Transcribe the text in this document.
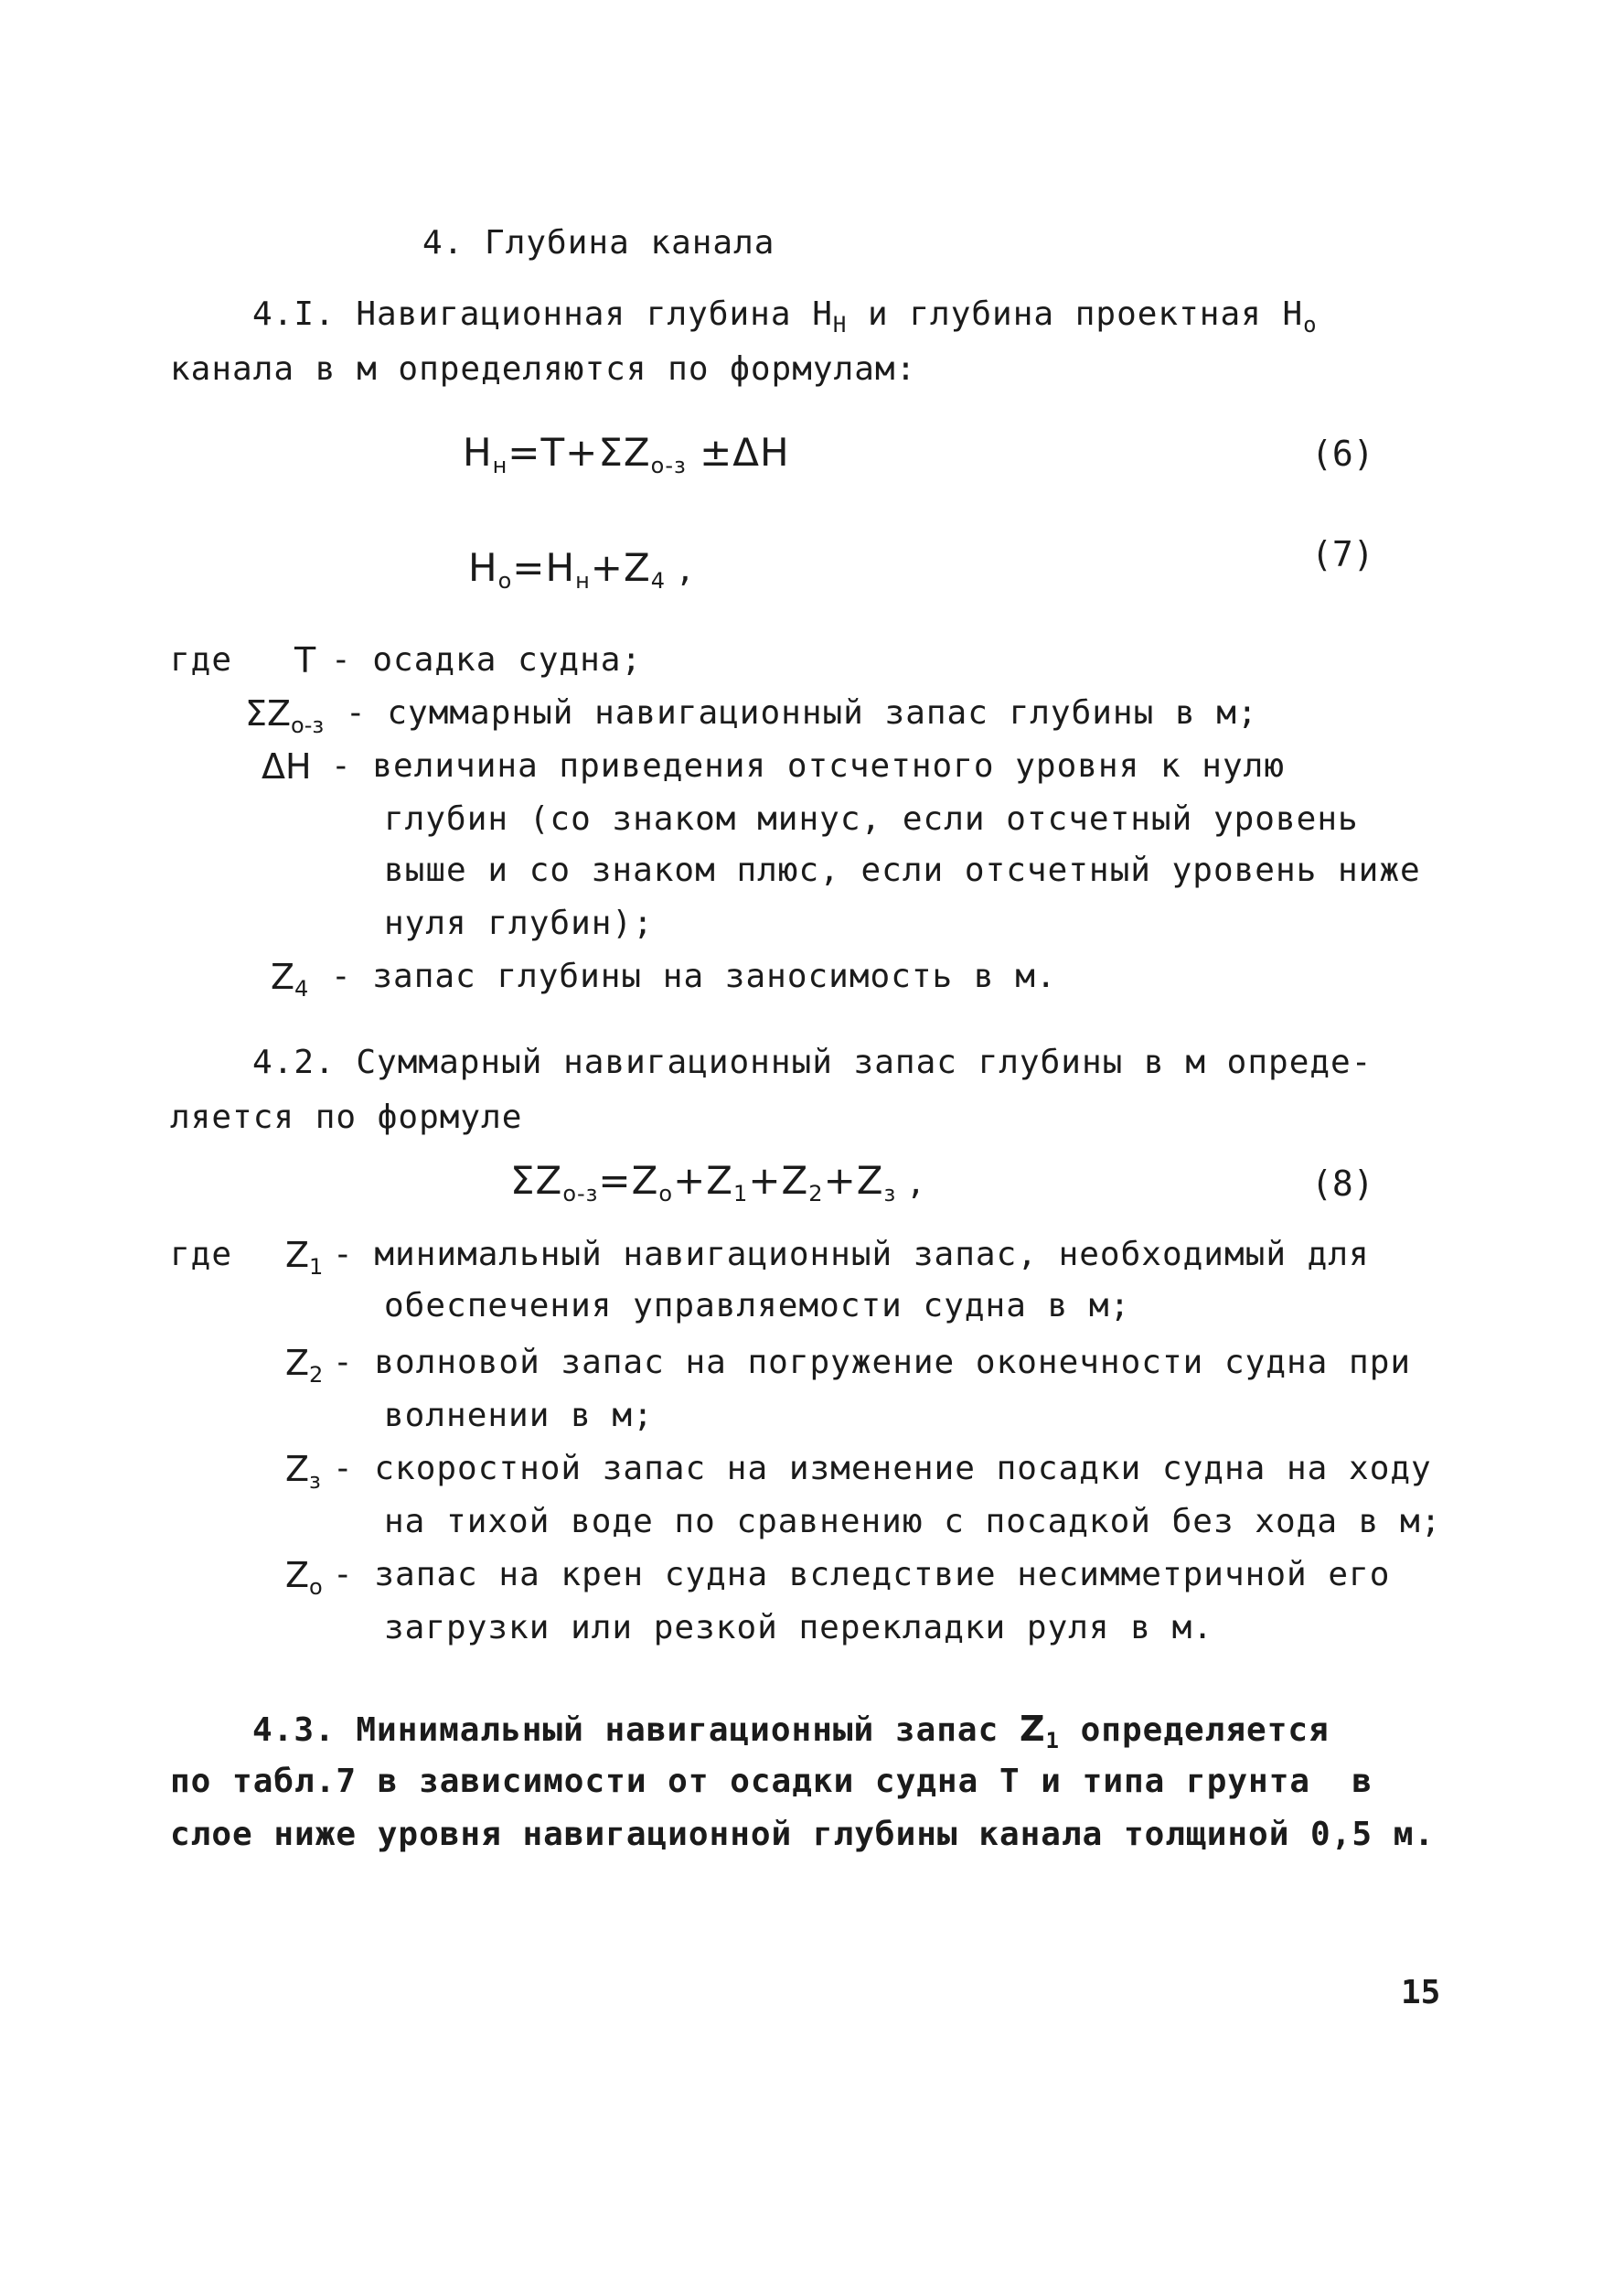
4. Глубина канала
4.I. Навигационная глубина $Н_Н$ и глубина проектная $Н_о$
канала в м определяются по формулам:
$Н_н=Т+\Sigma Z_{о-з} \pm\Delta Н$	(6)
$Н_о=Н_н+Z_4$ ,	(7)
где Т - осадка судна;
$\Sigma Z_{о-з}$ - суммарный навигационный запас глубины в м;
ΔН - величина приведения отсчетного уровня к нулю
глубин (со знаком минус, если отсчетный уровень
выше и со знаком плюс, если отсчетный уровень ниже
нуля глубин);
$Z_4$ - запас глубины на заносимость в м.
4.2. Суммарный навигационный запас глубины в м опреде-
ляется по формуле
$\Sigma Z_{о-з}=Z_о+Z_1+Z_2+Z_з$ ,	(8)
где $Z_1$ - минимальный навигационный запас, необходимый для
обеспечения управляемости судна в м;
$Z_2$ - волновой запас на погружение оконечности судна при
волнении в м;
$Z_з$ - скоростной запас на изменение посадки судна на ходу
на тихой воде по сравнению с посадкой без хода в м;
$Z_о$ - запас на крен судна вследствие несимметричной его
загрузки или резкой перекладки руля в м.
4.3. Минимальный навигационный запас $Z_1$ определяется
по табл.7 в зависимости от осадки судна Т и типа грунта  в
слое ниже уровня навигационной глубины канала толщиной 0,5 м.
15
